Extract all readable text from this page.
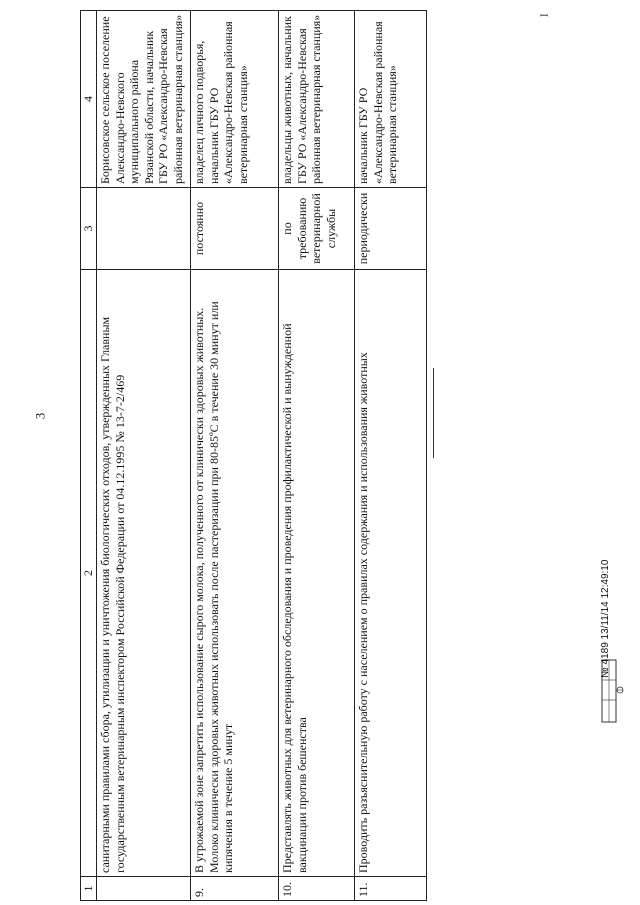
3
1	2	3	4
	санитарными правилами сбора, утилизации и уничтожения биологических отходов, утвержденных Главным государственным ветеринарным инспектором Российской Федерации от 04.12.1995 № 13-7-2/469		Борисовское сельское поселение Александро-Невского муниципального района Рязанской области, начальник ГБУ РО «Александро-Невская районная ветеринарная станция»
9.	В угрожаемой зоне запретить использование сырого молока, полученного от клинически здоровых животных. Молоко клинически здоровых животных использовать после пастеризации при 80-85ºС в течение 30 минут или кипячения в течение 5 минут	постоянно	владелец личного подворья, начальник ГБУ РО «Александро-Невская районная ветеринарная станция»
10.	Представлять животных для ветеринарного обследования и проведения профилактической и вынужденной вакцинации против бешенства	по требованию ветеринарной службы	владельцы животных, начальник ГБУ РО «Александро-Невская районная ветеринарная станция»
11.	Проводить разъяснительную работу с населением о правилах содержания и использования животных	периодически	начальник ГБУ РО «Александро-Невская районная ветеринарная станция»
№ 4189 13/11/14 12:49:10
ꟷ
